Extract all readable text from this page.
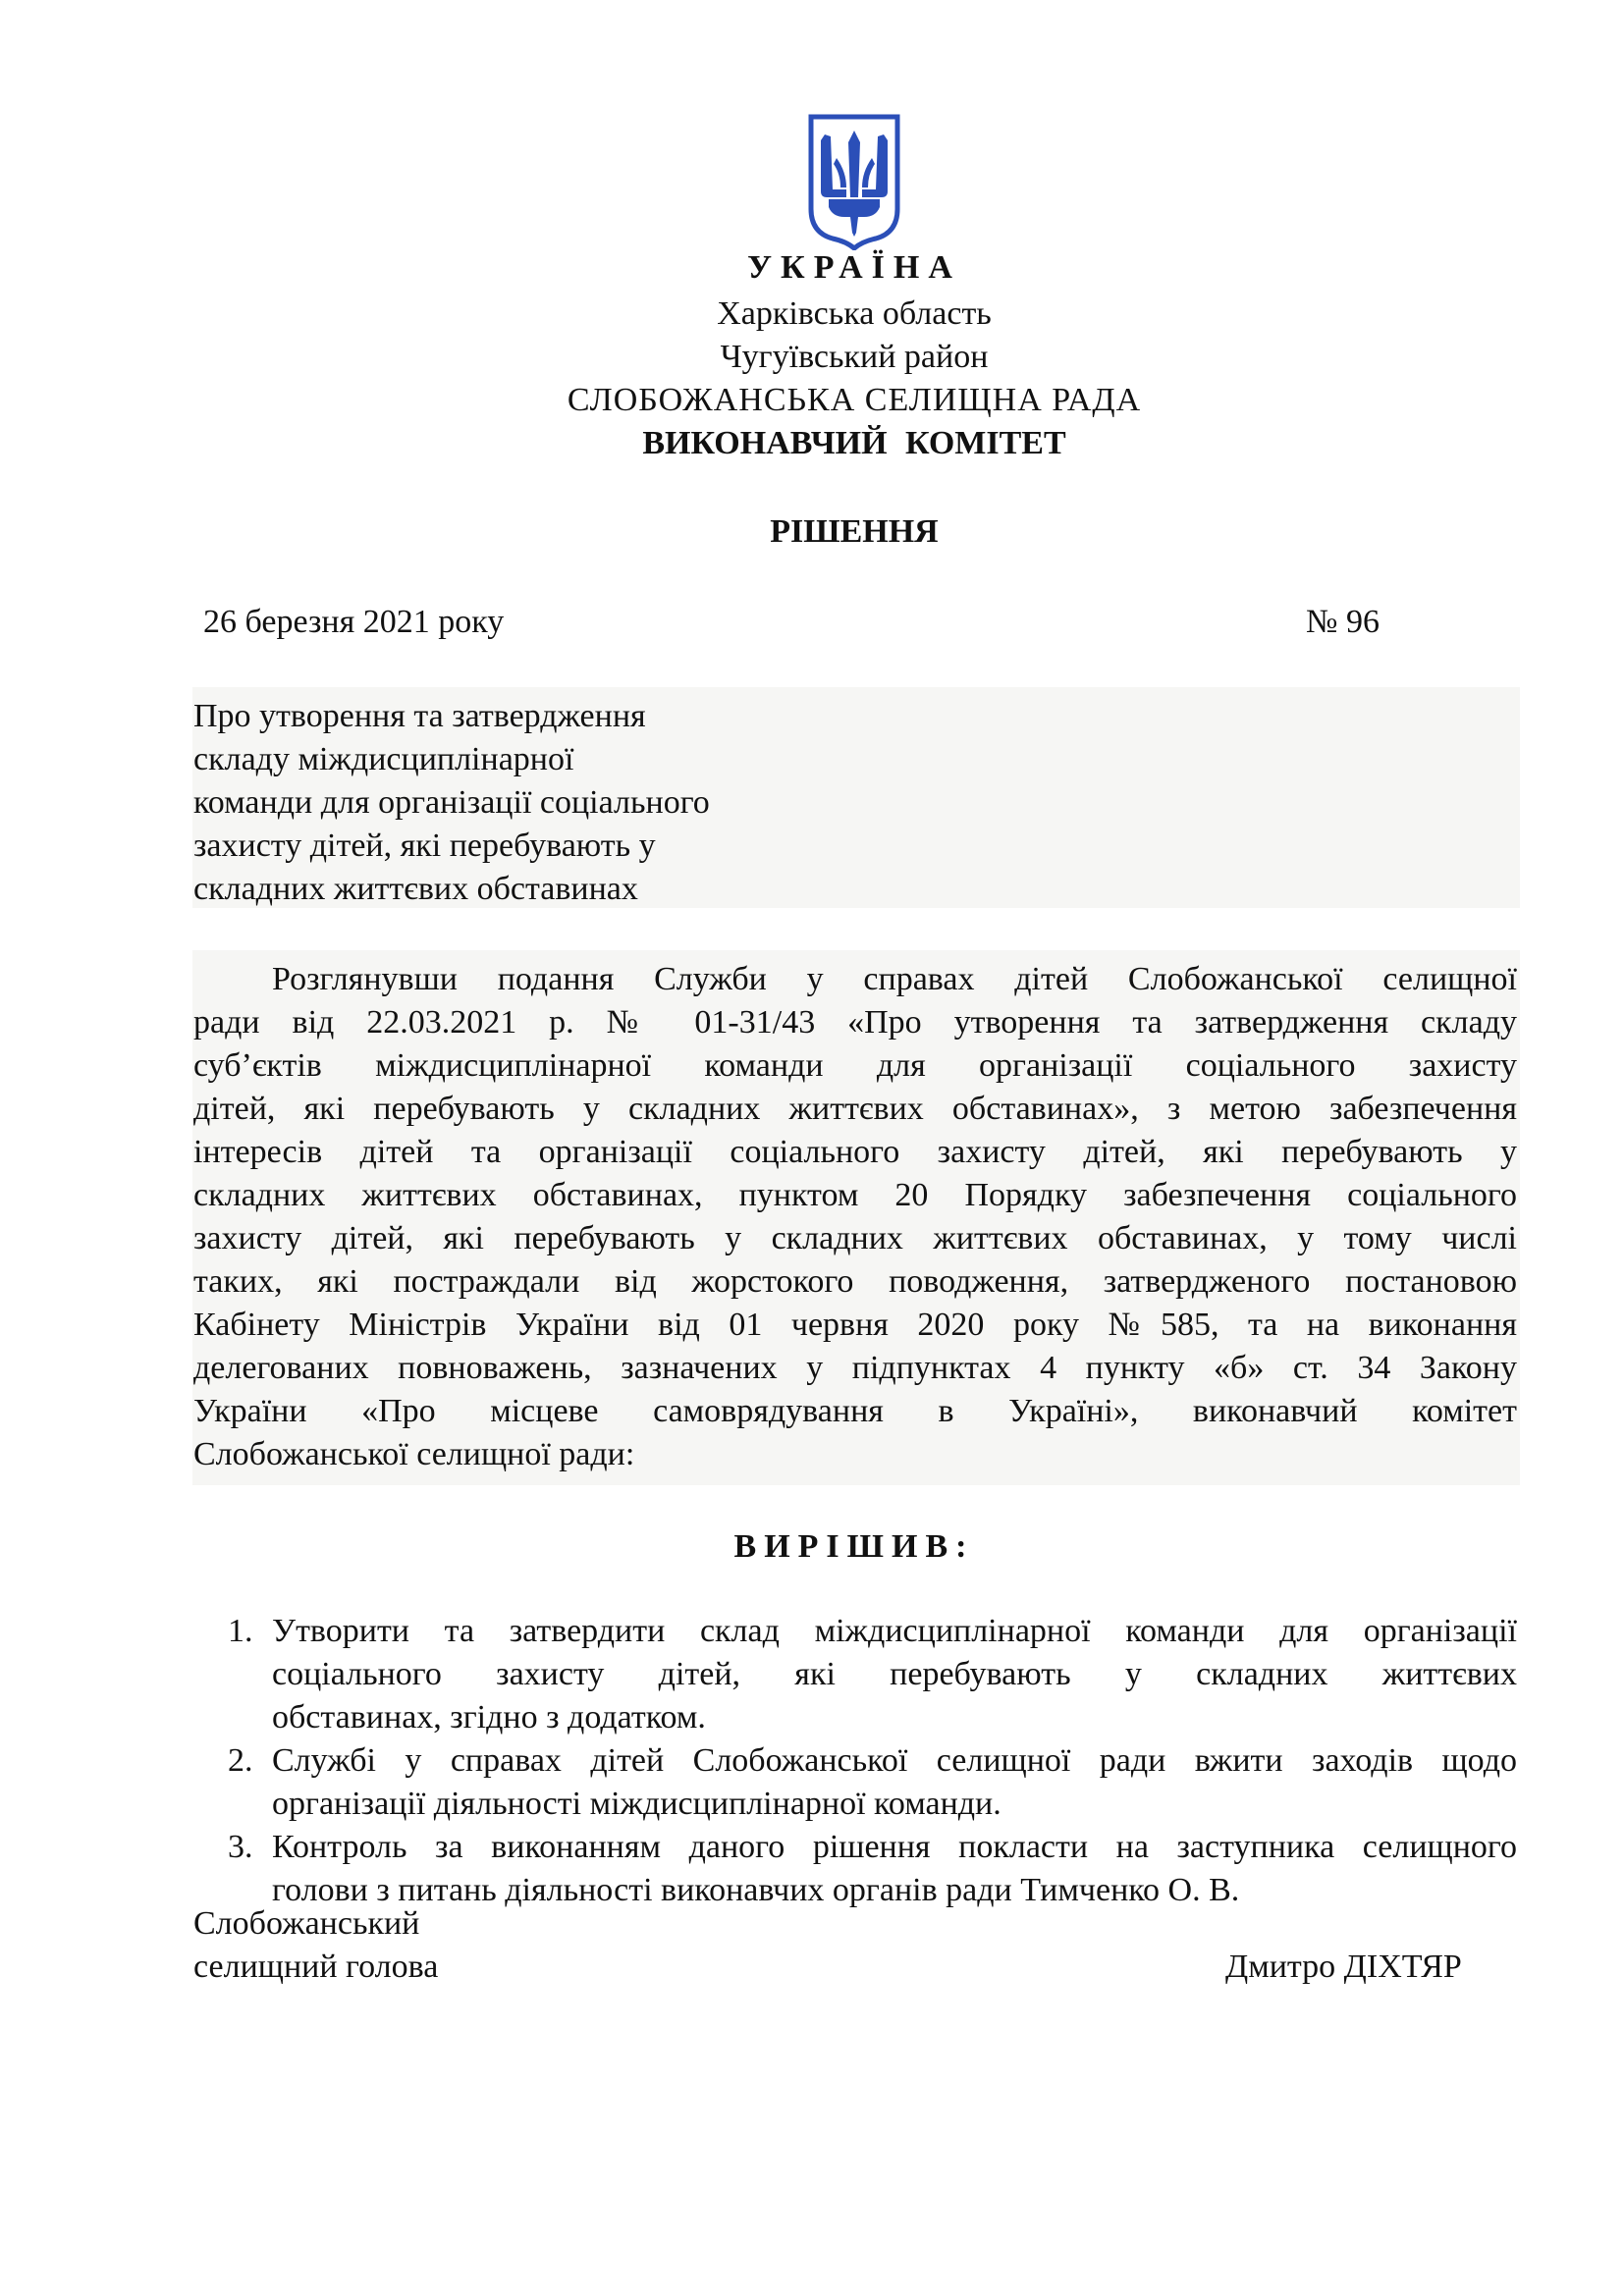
УКРАЇНА
Харківська область
Чугуївський район
СЛОБОЖАНСЬКА СЕЛИЩНА РАДА
ВИКОНАВЧИЙ КОМІТЕТ
РІШЕННЯ
26 березня 2021 року	№ 96
Про утворення та затвердження
складу міждисциплінарної
команди для організації соціального
захисту дітей, які перебувають у
складних життєвих обставинах
Розглянувши подання Служби у справах дітей Слобожанської селищної
ради від 22.03.2021 р. № 01-31/43 «Про утворення та затвердження складу
суб’єктів міждисциплінарної команди для організації соціального захисту
дітей, які перебувають у складних життєвих обставинах», з метою забезпечення
інтересів дітей та організації соціального захисту дітей, які перебувають у
складних життєвих обставинах, пунктом 20 Порядку забезпечення соціального
захисту дітей, які перебувають у складних життєвих обставинах, у тому числі
таких, які постраждали від жорстокого поводження, затвердженого постановою
Кабінету Міністрів України від 01 червня 2020 року №585, та на виконання
делегованих повноважень, зазначених у підпунктах 4 пункту «б» ст. 34 Закону
України «Про місцеве самоврядування в Україні», виконавчий комітет
Слобожанської селищної ради:
ВИРІШИВ:
1. Утворити та затвердити склад міждисциплінарної команди для організації
соціального захисту дітей, які перебувають у складних життєвих
обставинах, згідно з додатком.
2. Службі у справах дітей Слобожанської селищної ради вжити заходів щодо
організації діяльності міждисциплінарної команди.
3. Контроль за виконанням даного рішення покласти на заступника селищного
голови з питань діяльності виконавчих органів ради Тимченко О. В.
Слобожанський
селищний голова	Дмитро ДІХТЯР
